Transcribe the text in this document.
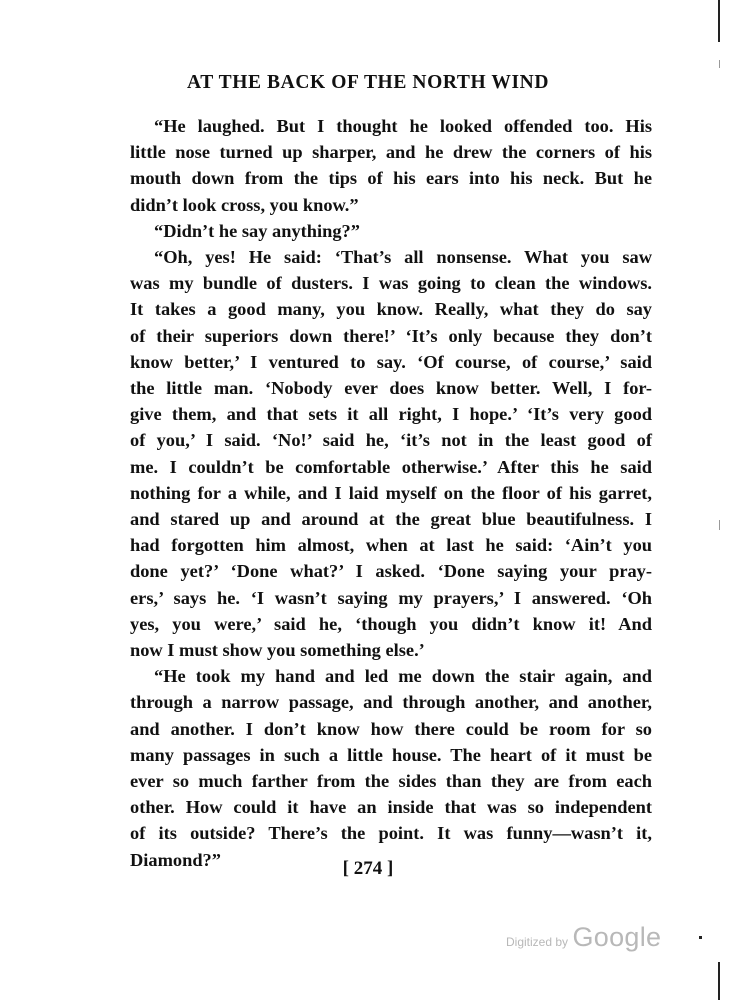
AT THE BACK OF THE NORTH WIND
“He laughed. But I thought he looked offended too. His
little nose turned up sharper, and he drew the corners of his
mouth down from the tips of his ears into his neck. But he
didn’t look cross, you know.”
“Didn’t he say anything?”
“Oh, yes! He said: ‘That’s all nonsense. What you saw
was my bundle of dusters. I was going to clean the windows.
It takes a good many, you know. Really, what they do say
of their superiors down there!’ ‘It’s only because they don’t
know better,’ I ventured to say. ‘Of course, of course,’ said
the little man. ‘Nobody ever does know better. Well, I for-
give them, and that sets it all right, I hope.’ ‘It’s very good
of you,’ I said. ‘No!’ said he, ‘it’s not in the least good of
me. I couldn’t be comfortable otherwise.’ After this he said
nothing for a while, and I laid myself on the floor of his garret,
and stared up and around at the great blue beautifulness. I
had forgotten him almost, when at last he said: ‘Ain’t you
done yet?’ ‘Done what?’ I asked. ‘Done saying your pray-
ers,’ says he. ‘I wasn’t saying my prayers,’ I answered. ‘Oh
yes, you were,’ said he, ‘though you didn’t know it! And
now I must show you something else.’
“He took my hand and led me down the stair again, and
through a narrow passage, and through another, and another,
and another. I don’t know how there could be room for so
many passages in such a little house. The heart of it must be
ever so much farther from the sides than they are from each
other. How could it have an inside that was so independent
of its outside? There’s the point. It was funny—wasn’t it,
Diamond?”	[ 274 ]
Digitized by Google
